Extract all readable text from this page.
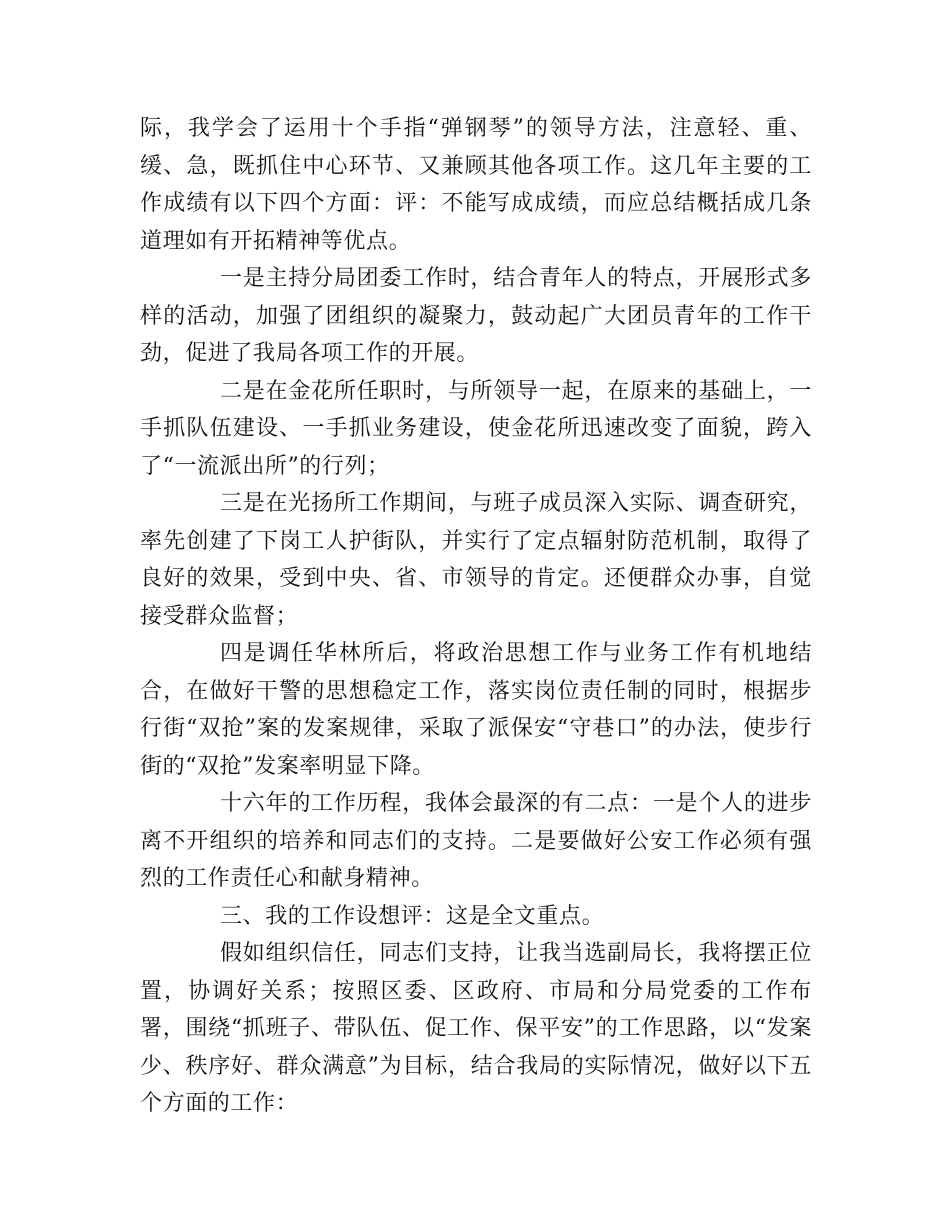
际，我学会了运用十个手指“弹钢琴”的领导方法，注意轻、重、缓、急，既抓住中心环节、又兼顾其他各项工作。这几年主要的工作成绩有以下四个方面：评：不能写成成绩，而应总结概括成几条道理如有开拓精神等优点。

一是主持分局团委工作时，结合青年人的特点，开展形式多样的活动，加强了团组织的凝聚力，鼓动起广大团员青年的工作干劲，促进了我局各项工作的开展。

二是在金花所任职时，与所领导一起，在原来的基础上，一手抓队伍建设、一手抓业务建设，使金花所迅速改变了面貌，跨入了“一流派出所”的行列；

三是在光扬所工作期间，与班子成员深入实际、调查研究，率先创建了下岗工人护街队，并实行了定点辐射防范机制，取得了良好的效果，受到中央、省、市领导的肯定。还便群众办事，自觉接受群众监督；

四是调任华林所后，将政治思想工作与业务工作有机地结合，在做好干警的思想稳定工作，落实岗位责任制的同时，根据步行街“双抢”案的发案规律，采取了派保安“守巷口”的办法，使步行街的“双抢”发案率明显下降。

十六年的工作历程，我体会最深的有二点：一是个人的进步离不开组织的培养和同志们的支持。二是要做好公安工作必须有强烈的工作责任心和献身精神。

三、我的工作设想评：这是全文重点。

假如组织信任，同志们支持，让我当选副局长，我将摆正位置，协调好关系；按照区委、区政府、市局和分局党委的工作布署，围绕“抓班子、带队伍、促工作、保平安”的工作思路，以“发案少、秩序好、群众满意”为目标，结合我局的实际情况，做好以下五个方面的工作：
